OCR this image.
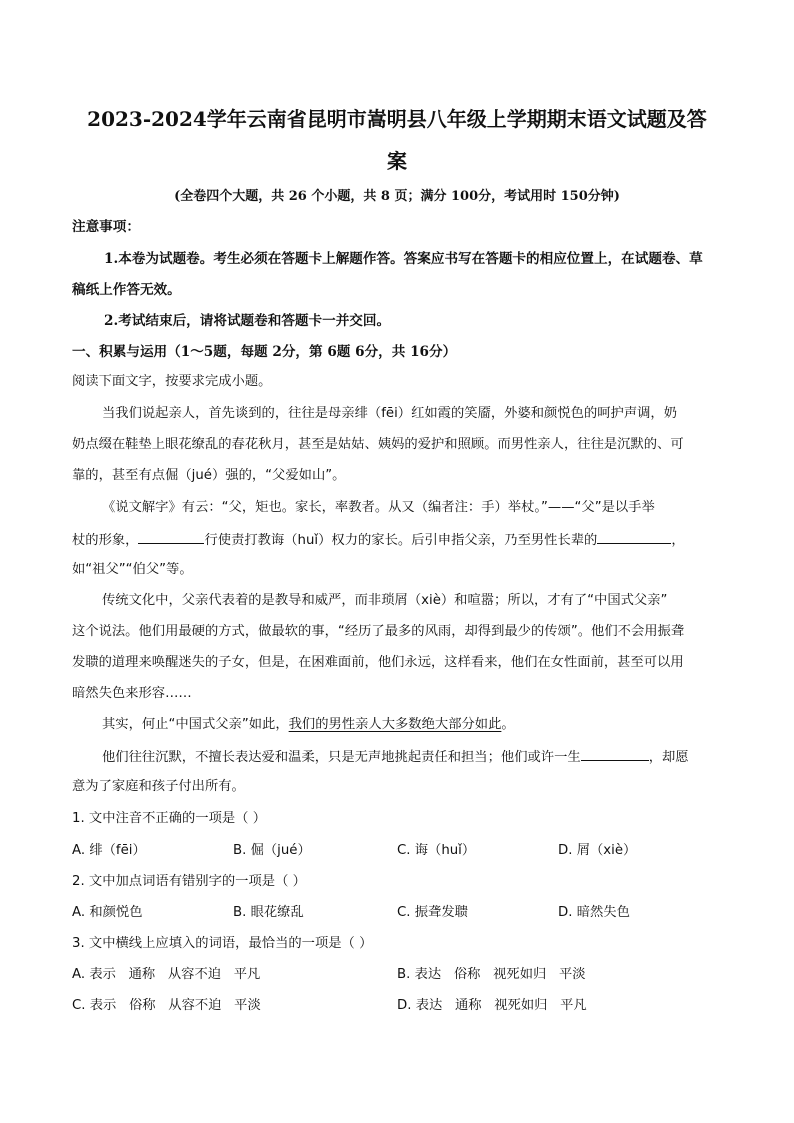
2023-2024学年云南省昆明市嵩明县八年级上学期期末语文试题及答
案
(全卷四个大题，共 26 个小题，共 8 页；满分 100分，考试用时 150分钟)
注意事项：
1.本卷为试题卷。考生必须在答题卡上解题作答。答案应书写在答题卡的相应位置上，在试题卷、草
稿纸上作答无效。
2.考试结束后，请将试题卷和答题卡一并交回。
一、积累与运用（1～5题，每题 2分，第 6题 6分，共 16分）
阅读下面文字，按要求完成小题。
当我们说起亲人，首先谈到的，往往是母亲绯（fēi）红如霞的笑靥，外婆和颜悦色的呵护声调，奶
奶点缀在鞋垫上眼花缭乱的春花秋月，甚至是姑姑、姨妈的爱护和照顾。而男性亲人，往往是沉默的、可
靠的，甚至有点倔（jué）强的，“父爱如山”。
《说文解字》有云：“父，矩也。家长，率教者。从又（编者注：手）举杖。”——“父”是以手举
杖的形象，	行使责打教诲（huǐ）权力的家长。后引申指父亲，乃至男性长辈的	，
如“祖父”“伯父”等。
传统文化中，父亲代表着的是教导和威严，而非琐屑（xiè）和喧嚣；所以，才有了“中国式父亲”
这个说法。他们用最硬的方式，做最软的事，“经历了最多的风雨，却得到最少的传颂”。他们不会用振聋
发聩的道理来唤醒迷失的子女，但是，在困难面前，他们永远，这样看来，他们在女性面前，甚至可以用
暗然失色来形容……
其实，何止“中国式父亲”如此，我们的男性亲人大多数绝大部分如此。
他们往往沉默，不擅长表达爱和温柔，只是无声地挑起责任和担当；他们或许一生	，却愿
意为了家庭和孩子付出所有。
1. 文中注音不正确的一项是（ ）
A. 绯（fēi）	B. 倔（jué）	C. 诲（huǐ）	D. 屑（xiè）
2. 文中加点词语有错别字的一项是（ ）
A. 和颜悦色	B. 眼花缭乱	C. 振聋发聩	D. 暗然失色
3. 文中横线上应填入的词语，最恰当的一项是（ ）
A. 表示   通称   从容不迫   平凡	B. 表达   俗称   视死如归   平淡
C. 表示   俗称   从容不迫   平淡	D. 表达   通称   视死如归   平凡
